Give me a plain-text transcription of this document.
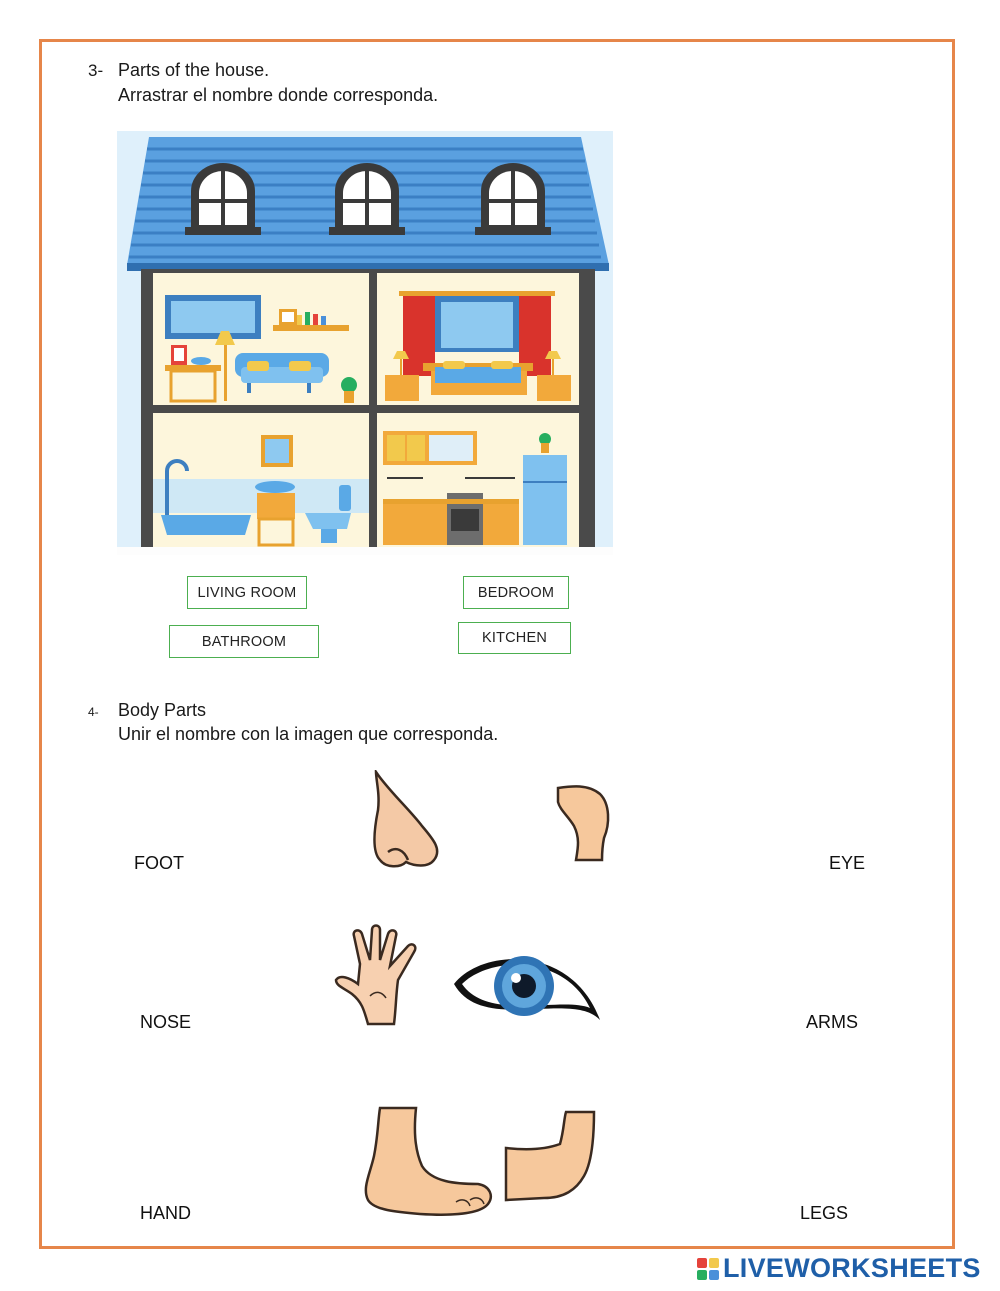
3- Parts of the house.
Arrastrar el nombre donde corresponda.
LIVING ROOM	BEDROOM
BATHROOM	KITCHEN
4- Body Parts
Unir el nombre con la imagen que corresponda.
FOOT
NOSE
HAND
EYE
ARMS
LEGS
LIVEWORKSHEETS
